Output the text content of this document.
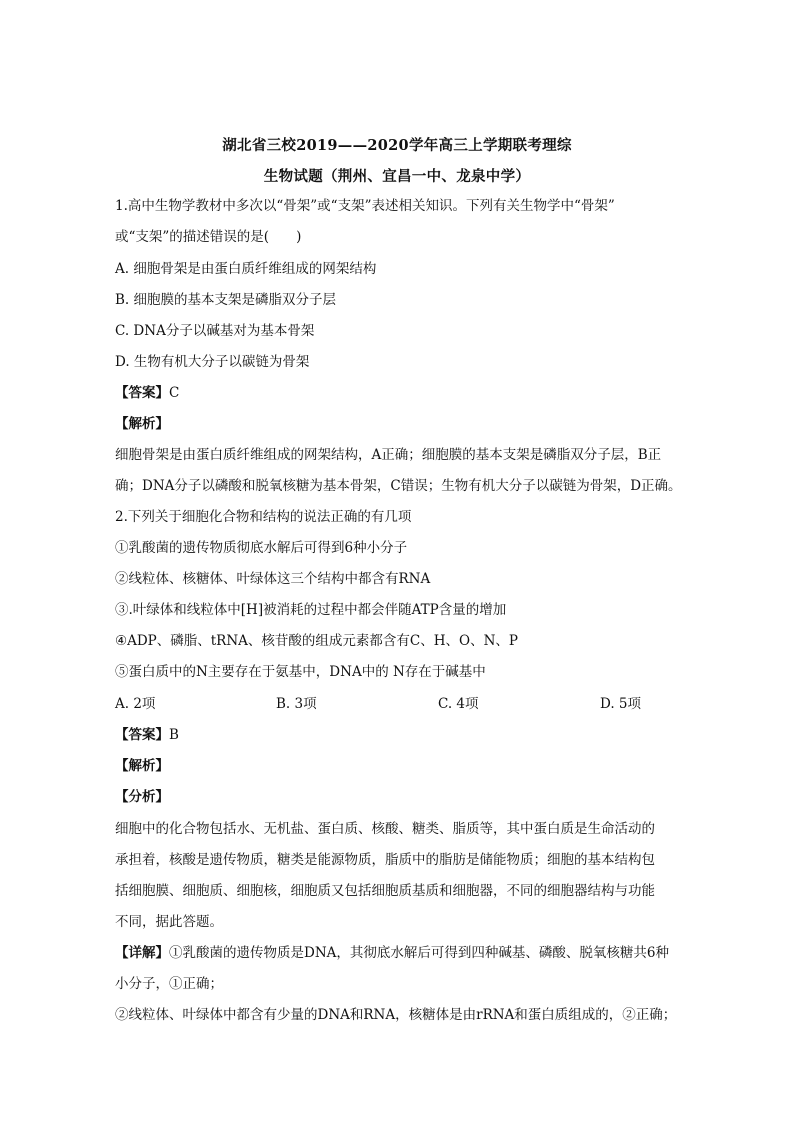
湖北省三校2019——2020学年高三上学期联考理综
生物试题（荆州、宜昌一中、龙泉中学）
1.高中生物学教材中多次以“骨架”或“支架”表述相关知识。下列有关生物学中“骨架”
或“支架”的描述错误的是(　　)
A. 细胞骨架是由蛋白质纤维组成的网架结构
B. 细胞膜的基本支架是磷脂双分子层
C. DNA分子以碱基对为基本骨架
D. 生物有机大分子以碳链为骨架
【答案】C
【解析】
细胞骨架是由蛋白质纤维组成的网架结构，A正确；细胞膜的基本支架是磷脂双分子层，B正
确；DNA分子以磷酸和脱氧核糖为基本骨架，C错误；生物有机大分子以碳链为骨架，D正确。
2.下列关于细胞化合物和结构的说法正确的有几项
①乳酸菌的遗传物质彻底水解后可得到6种小分子
②线粒体、核糖体、叶绿体这三个结构中都含有RNA
③.叶绿体和线粒体中[H]被消耗的过程中都会伴随ATP含量的增加
④ADP、磷脂、tRNA、核苷酸的组成元素都含有C、H、O、N、P
⑤蛋白质中的N主要存在于氨基中，DNA中的 N存在于碱基中
A. 2项	B. 3项	C. 4项	D. 5项
【答案】B
【解析】
【分析】
细胞中的化合物包括水、无机盐、蛋白质、核酸、糖类、脂质等，其中蛋白质是生命活动的
承担着，核酸是遗传物质，糖类是能源物质，脂质中的脂肪是储能物质；细胞的基本结构包
括细胞膜、细胞质、细胞核，细胞质又包括细胞质基质和细胞器，不同的细胞器结构与功能
不同，据此答题。
【详解】①乳酸菌的遗传物质是DNA，其彻底水解后可得到四种碱基、磷酸、脱氧核糖共6种
小分子，①正确；
②线粒体、叶绿体中都含有少量的DNA和RNA，核糖体是由rRNA和蛋白质组成的，②正确；
